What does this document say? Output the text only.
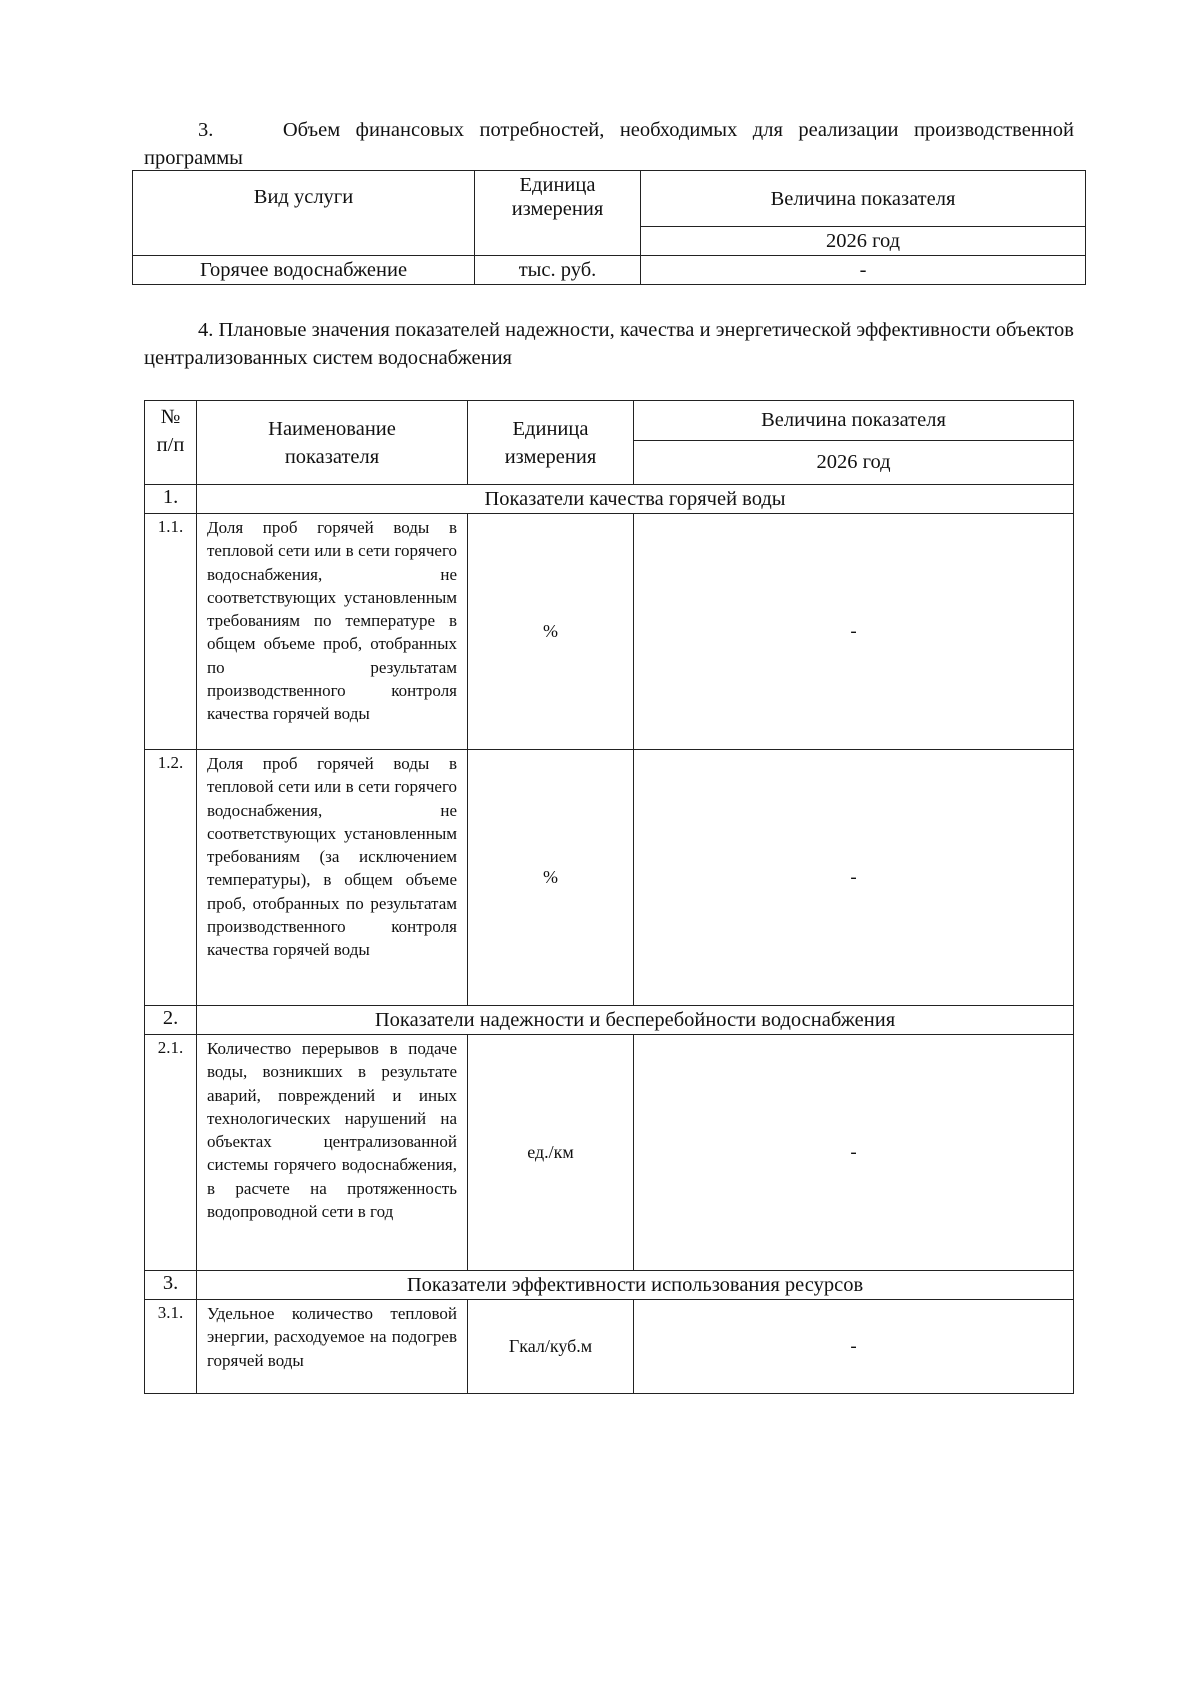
3.	Объем финансовых потребностей, необходимых для реализации производственной программы
Вид услуги	Единица измерения	Величина показателя
		2026 год
Горячее водоснабжение	тыс. руб.	-
4. Плановые значения показателей надежности, качества и энергетической эффективности объектов централизованных систем водоснабжения
№ п/п	Наименование показателя	Единица измерения	Величина показателя
			2026 год
1.	Показатели качества горячей воды		
1.1.	Доля проб горячей воды в тепловой сети или в сети горячего водоснабжения, не соответствующих установленным требованиям по температуре в общем объеме проб, отобранных по результатам производственного контроля качества горячей воды	%	-
1.2.	Доля проб горячей воды в тепловой сети или в сети горячего водоснабжения, не соответствующих установленным требованиям (за исключением температуры), в общем объеме проб, отобранных по результатам производственного контроля качества горячей воды	%	-
2.	Показатели надежности и бесперебойности водоснабжения		
2.1.	Количество перерывов в подаче воды, возникших в результате аварий, повреждений и иных технологических нарушений на объектах централизованной системы горячего водоснабжения, в расчете на протяженность водопроводной сети в год	ед./км	-
3.	Показатели эффективности использования ресурсов		
3.1.	Удельное количество тепловой энергии, расходуемое на подогрев горячей воды	Гкал/куб.м	-
